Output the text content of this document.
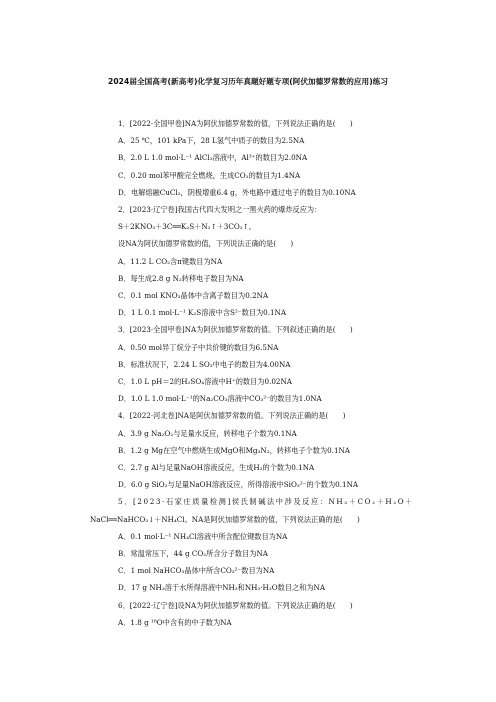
2024届全国高考(新高考)化学复习历年真题好题专项(阿伏加德罗常数的应用)练习
1．[2022·全国甲卷]NA为阿伏加德罗常数的值，下列说法正确的是(　　)
A．25 ℃，101 kPa下，28 L氢气中质子的数目为2.5NA
B．2.0 L 1.0 mol·L⁻¹ AlCl₃溶液中，Al³⁺的数目为2.0NA
C．0.20 mol苯甲酸完全燃烧，生成CO₂的数目为1.4NA
D．电解熔融CuCl₂，阴极增重6.4 g，外电路中通过电子的数目为0.10NA
2．[2023·辽宁卷]我国古代四大发明之一黑火药的爆炸反应为：
S＋2KNO₃＋3C══K₂S＋N₂↑＋3CO₂↑。
设NA为阿伏加德罗常数的值，下列说法正确的是(　　)
A．11.2 L CO₂含π键数目为NA
B．每生成2.8 g N₂转移电子数目为NA
C．0.1 mol KNO₃晶体中含离子数目为0.2NA
D．1 L 0.1 mol·L⁻¹ K₂S溶液中含S²⁻数目为0.1NA
3．[2023·全国甲卷]NA为阿伏加德罗常数的值。下列叙述正确的是(　　)
A．0.50 mol异丁烷分子中共价键的数目为6.5NA
B．标准状况下，2.24 L SO₃中电子的数目为4.00NA
C．1.0 L pH＝2的H₂SO₄溶液中H⁺的数目为0.02NA
D．1.0 L 1.0 mol·L⁻¹的Na₂CO₃溶液中CO₃²⁻的数目为1.0NA
4．[2022·河北卷]NA是阿伏加德罗常数的值。下列说法正确的是(　　)
A．3.9 g Na₂O₂与足量水反应，转移电子个数为0.1NA
B．1.2 g Mg在空气中燃烧生成MgO和Mg₃N₂，转移电子个数为0.1NA
C．2.7 g Al与足量NaOH溶液反应，生成H₂的个数为0.1NA
D．6.0 g SiO₂与足量NaOH溶液反应，所得溶液中SiO₃²⁻的个数为0.1NA
5．[2023·石家庄质量检测]侯氏制碱法中涉及反应：NH₃＋CO₂＋H₂O＋
NaCl══NaHCO₃↓＋NH₄Cl。NA是阿伏加德罗常数的值，下列说法正确的是(　　)
A．0.1 mol·L⁻¹ NH₄Cl溶液中所含配位键数目为NA
B．常温常压下，44 g CO₂所含分子数目为NA
C．1 mol NaHCO₃晶体中所含CO₃²⁻数目为NA
D．17 g NH₃溶于水所得溶液中NH₃和NH₃·H₂O数目之和为NA
6．[2022·辽宁卷]设NA为阿伏加德罗常数的值。下列说法正确的是(　　)
A．1.8 g ¹⁸O中含有的中子数为NA
